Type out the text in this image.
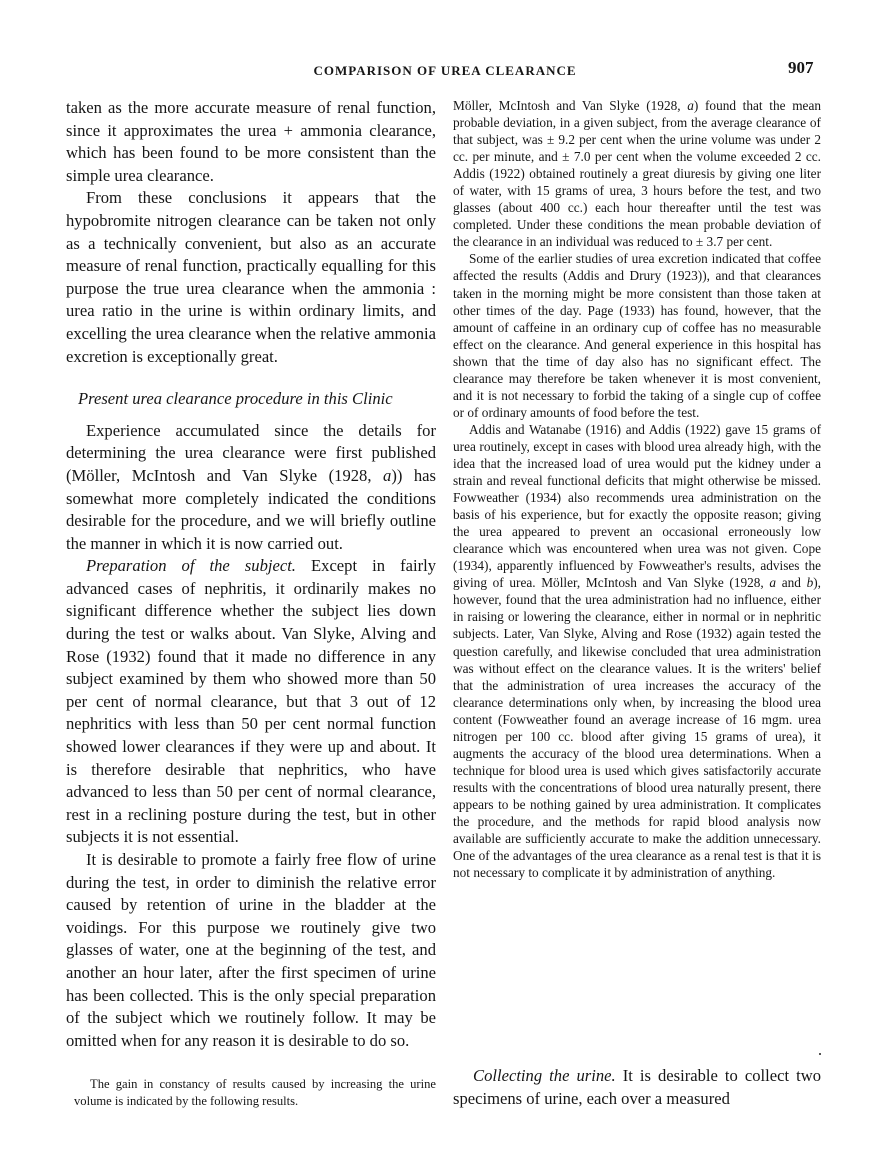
COMPARISON OF UREA CLEARANCE	907

taken as the more accurate measure of renal function, since it approximates the urea + ammonia clearance, which has been found to be more consistent than the simple urea clearance.

From these conclusions it appears that the hypobromite nitrogen clearance can be taken not only as a technically convenient, but also as an accurate measure of renal function, practically equalling for this purpose the true urea clearance when the ammonia : urea ratio in the urine is within ordinary limits, and excelling the urea clearance when the relative ammonia excretion is exceptionally great.

Present urea clearance procedure in this Clinic

Experience accumulated since the details for determining the urea clearance were first published (Möller, McIntosh and Van Slyke (1928, a)) has somewhat more completely indicated the conditions desirable for the procedure, and we will briefly outline the manner in which it is now carried out.

Preparation of the subject. Except in fairly advanced cases of nephritis, it ordinarily makes no significant difference whether the subject lies down during the test or walks about. Van Slyke, Alving and Rose (1932) found that it made no difference in any subject examined by them who showed more than 50 per cent of normal clearance, but that 3 out of 12 nephritics with less than 50 per cent normal function showed lower clearances if they were up and about. It is therefore desirable that nephritics, who have advanced to less than 50 per cent of normal clearance, rest in a reclining posture during the test, but in other subjects it is not essential.

It is desirable to promote a fairly free flow of urine during the test, in order to diminish the relative error caused by retention of urine in the bladder at the voidings. For this purpose we routinely give two glasses of water, one at the beginning of the test, and another an hour later, after the first specimen of urine has been collected. This is the only special preparation of the subject which we routinely follow. It may be omitted when for any reason it is desirable to do so.

The gain in constancy of results caused by increasing the urine volume is indicated by the following results.

Möller, McIntosh and Van Slyke (1928, a) found that the mean probable deviation, in a given subject, from the average clearance of that subject, was ± 9.2 per cent when the urine volume was under 2 cc. per minute, and ± 7.0 per cent when the volume exceeded 2 cc. Addis (1922) obtained routinely a great diuresis by giving one liter of water, with 15 grams of urea, 3 hours before the test, and two glasses (about 400 cc.) each hour thereafter until the test was completed. Under these conditions the mean probable deviation of the clearance in an individual was reduced to ± 3.7 per cent.

Some of the earlier studies of urea excretion indicated that coffee affected the results (Addis and Drury (1923)), and that clearances taken in the morning might be more consistent than those taken at other times of the day. Page (1933) has found, however, that the amount of caffeine in an ordinary cup of coffee has no measurable effect on the clearance. And general experience in this hospital has shown that the time of day also has no significant effect. The clearance may therefore be taken whenever it is most convenient, and it is not necessary to forbid the taking of a single cup of coffee or of ordinary amounts of food before the test.

Addis and Watanabe (1916) and Addis (1922) gave 15 grams of urea routinely, except in cases with blood urea already high, with the idea that the increased load of urea would put the kidney under a strain and reveal functional deficits that might otherwise be missed. Fowweather (1934) also recommends urea administration on the basis of his experience, but for exactly the opposite reason; giving the urea appeared to prevent an occasional erroneously low clearance which was encountered when urea was not given. Cope (1934), apparently influenced by Fowweather's results, advises the giving of urea. Möller, McIntosh and Van Slyke (1928, a and b), however, found that the urea administration had no influence, either in raising or lowering the clearance, either in normal or in nephritic subjects. Later, Van Slyke, Alving and Rose (1932) again tested the question carefully, and likewise concluded that urea administration was without effect on the clearance values. It is the writers' belief that the administration of urea increases the accuracy of the clearance determinations only when, by increasing the blood urea content (Fowweather found an average increase of 16 mgm. urea nitrogen per 100 cc. blood after giving 15 grams of urea), it augments the accuracy of the blood urea determinations. When a technique for blood urea is used which gives satisfactorily accurate results with the concentrations of blood urea naturally present, there appears to be nothing gained by urea administration. It complicates the procedure, and the methods for rapid blood analysis now available are sufficiently accurate to make the addition unnecessary. One of the advantages of the urea clearance as a renal test is that it is not necessary to complicate it by administration of anything.

Collecting the urine. It is desirable to collect two specimens of urine, each over a measured
